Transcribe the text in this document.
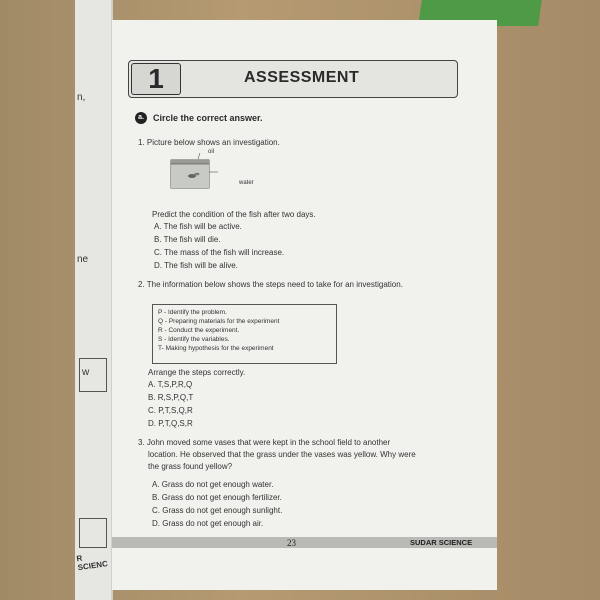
n,
ne
w
R SCIENC
1	ASSESSMENT
a.	Circle the correct answer.
1. Picture below shows an investigation.
oil
water
Predict the condition of the fish after two days.
A. The fish will be active.
B. The fish will die.
C. The mass of the fish will increase.
D. The fish will be alive.
2. The information below shows the steps need to take for an investigation.
P - Identify the problem.
Q - Preparing materials for the experiment
R - Conduct the experiment.
S - Identify the variables.
T- Making hypothesis for the experiment
Arrange the steps correctly.
A. T,S,P,R,Q
B. R,S,P,Q,T
C. P,T,S,Q,R
D. P,T,Q,S,R
3. John moved some vases that were kept in the school field to another
location. He observed that the grass under the vases was yellow. Why were
the grass found yellow?
A. Grass do not get enough water.
B. Grass do not get enough fertilizer.
C. Grass do not get enough sunlight.
D. Grass do not get enough air.
23	SUDAR SCIENCE
